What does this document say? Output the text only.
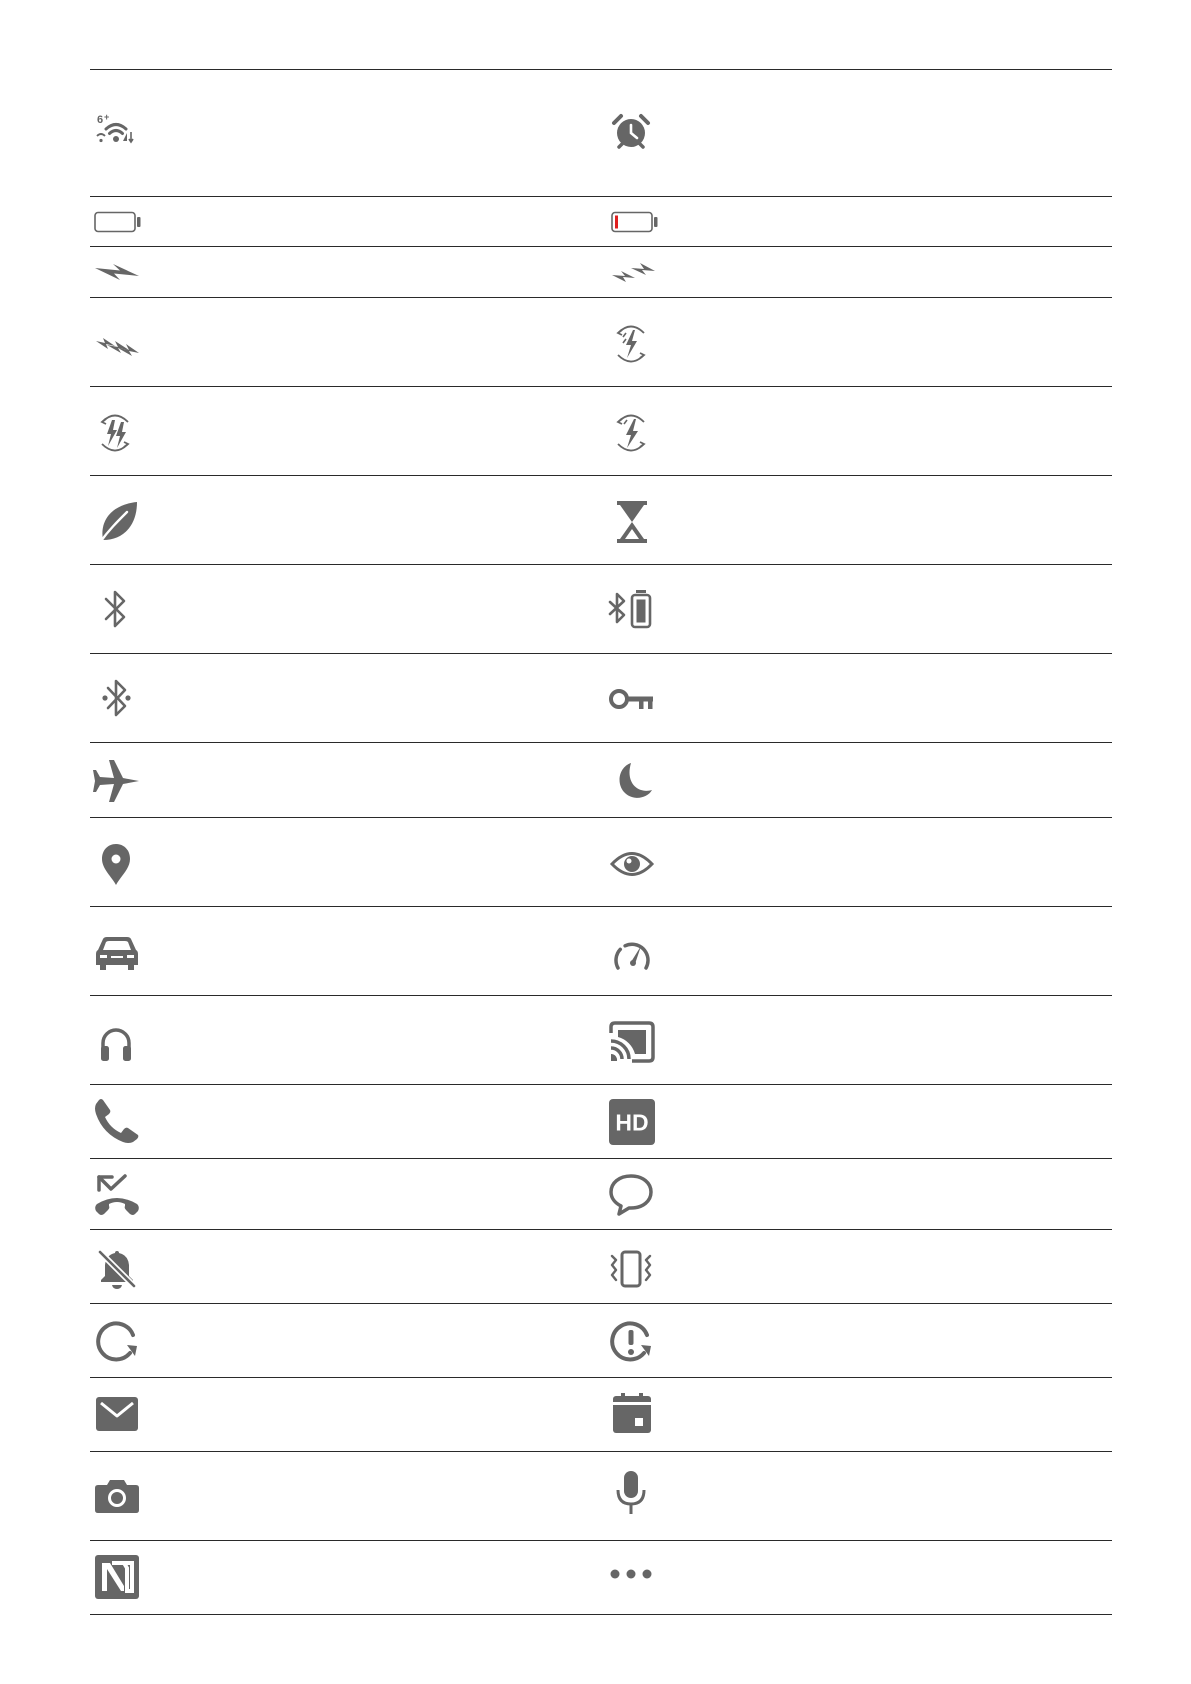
6 +
HD
